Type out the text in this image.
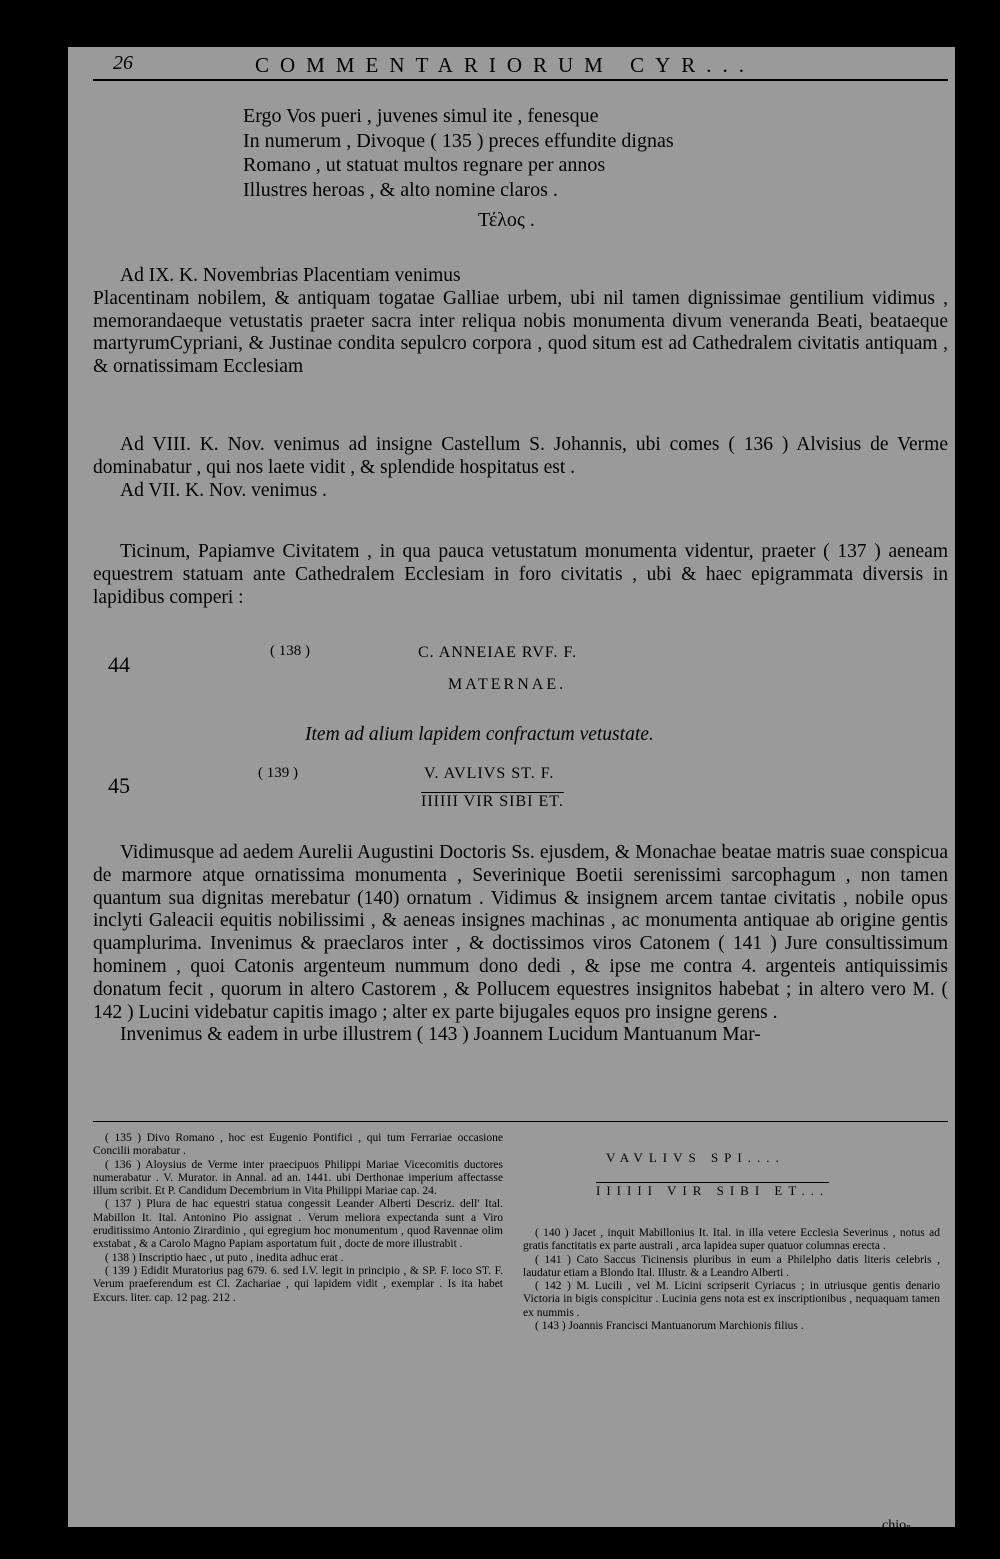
26	COMMENTARIORUM CYR...
Ergo Vos pueri , juvenes simul ite , fenesque
In numerum , Divoque ( 135 ) preces effundite dignas
Romano , ut statuat multos regnare per annos
Illustres heroas , & alto nomine claros .
Τέλος .

Ad IX. K. Novembrias Placentiam venimus

Placentinam nobilem, & antiquam togatae Galliae urbem, ubi nil tamen dignissimae gentilium vidimus , memorandaeque vetustatis praeter sacra inter reliqua nobis monumenta divum veneranda Beati, beataeque martyrumCypriani, & Justinae condita sepulcro corpora , quod situm est ad Cathedralem civitatis antiquam , & ornatissimam Ecclesiam

Ad VIII. K. Nov. venimus ad insigne Castellum S. Johannis, ubi comes ( 136 ) Alvisius de Verme dominabatur , qui nos laete vidit , & splendide hospitatus est .

Ad VII. K. Nov. venimus .

Ticinum, Papiamve Civitatem , in qua pauca vetustatum monumenta videntur, praeter ( 137 ) aeneam equestrem statuam ante Cathedralem Ecclesiam in foro civitatis , ubi & haec epigrammata diversis in lapidibus comperi :

44
( 138 )	C. ANNEIAE RVF. F.
MATERNAE.
Item ad alium lapidem confractum vetustate.
45	( 139 )	V. AVLIVS ST. F.
IIIIII VIR SIBI ET.

Vidimusque ad aedem Aurelii Augustini Doctoris Ss. ejusdem, & Monachae beatae matris suae conspicua de marmore atque ornatissima monumenta , Severinique Boetii serenissimi sarcophagum , non tamen quantum sua dignitas merebatur (140) ornatum . Vidimus & insignem arcem tantae civitatis , nobile opus inclyti Galeacii equitis nobilissimi , & aeneas insignes machinas , ac monumenta antiquae ab origine gentis quamplurima. Invenimus & praeclaros inter , & doctissimos viros Catonem ( 141 ) Jure consultissimum hominem , quoi Catonis argenteum nummum dono dedi , & ipse me contra 4. argenteis antiquissimis donatum fecit , quorum in altero Castorem , & Pollucem equestres insignitos habebat ; in altero vero M. ( 142 ) Lucini videbatur capitis imago ; alter ex parte bijugales equos pro insigne gerens .

Invenimus & eadem in urbe illustrem ( 143 ) Joannem Lucidum Mantuanum Mar-

( 135 ) Divo Romano , hoc est Eugenio Pontifici , qui tum Ferrariae occasione Concilii morabatur .

( 136 ) Aloysius de Verme inter praecipuos Philippi Mariae Vicecomitis ductores numerabatur . V. Murator. in Annal. ad an. 1441. ubi Derthonae imperium affectasse illum scribit. Et P. Candidum Decembrium in Vita Philippi Mariae cap. 24.

( 137 ) Plura de hac equestri statua congessit Leander Alberti Descriz. dell' Ital. Mabillon It. Ital. Antonino Pio assignat . Verum meliora expectanda sunt a Viro eruditissimo Antonio Zirardinio , qui egregium hoc monumentum , quod Ravennae olim exstabat , & a Carolo Magno Papiam asportatum fuit , docte de more illustrabit .

( 138 ) Inscriptio haec , ut puto , inedita adhuc erat .

( 139 ) Edidit Muratorius pag 679. 6. sed I.V. legit in principio , & SP. F. loco ST. F. Verum praeferendum est Cl. Zachariae , qui lapidem vidit , exemplar . Is ita habet Excurs. liter. cap. 12 pag. 212 .

VAVLIVS SPI....
IIIIII VIR SIBI ET...

( 140 ) Jacet , inquit Mabillonius It. Ital. in illa vetere Ecclesia Severinus , notus ad gratis fanctitatis ex parte australi , arca lapidea super quatuor columnas erecta .

( 141 ) Cato Saccus Ticinensis pluribus in eum a Philelpho datis literis celebris , laudatur etiam a Blondo Ital. Illustr. & a Leandro Alberti .

( 142 ) M. Lucili , vel M. Licini scripserit Cyriacus ; in utriusque gentis denario Victoria in bigis conspicitur . Lucinia gens nota est ex inscriptionibus , nequaquam tamen ex nummis .

( 143 ) Joannis Francisci Mantuanorum Marchionis filius .

chio-
